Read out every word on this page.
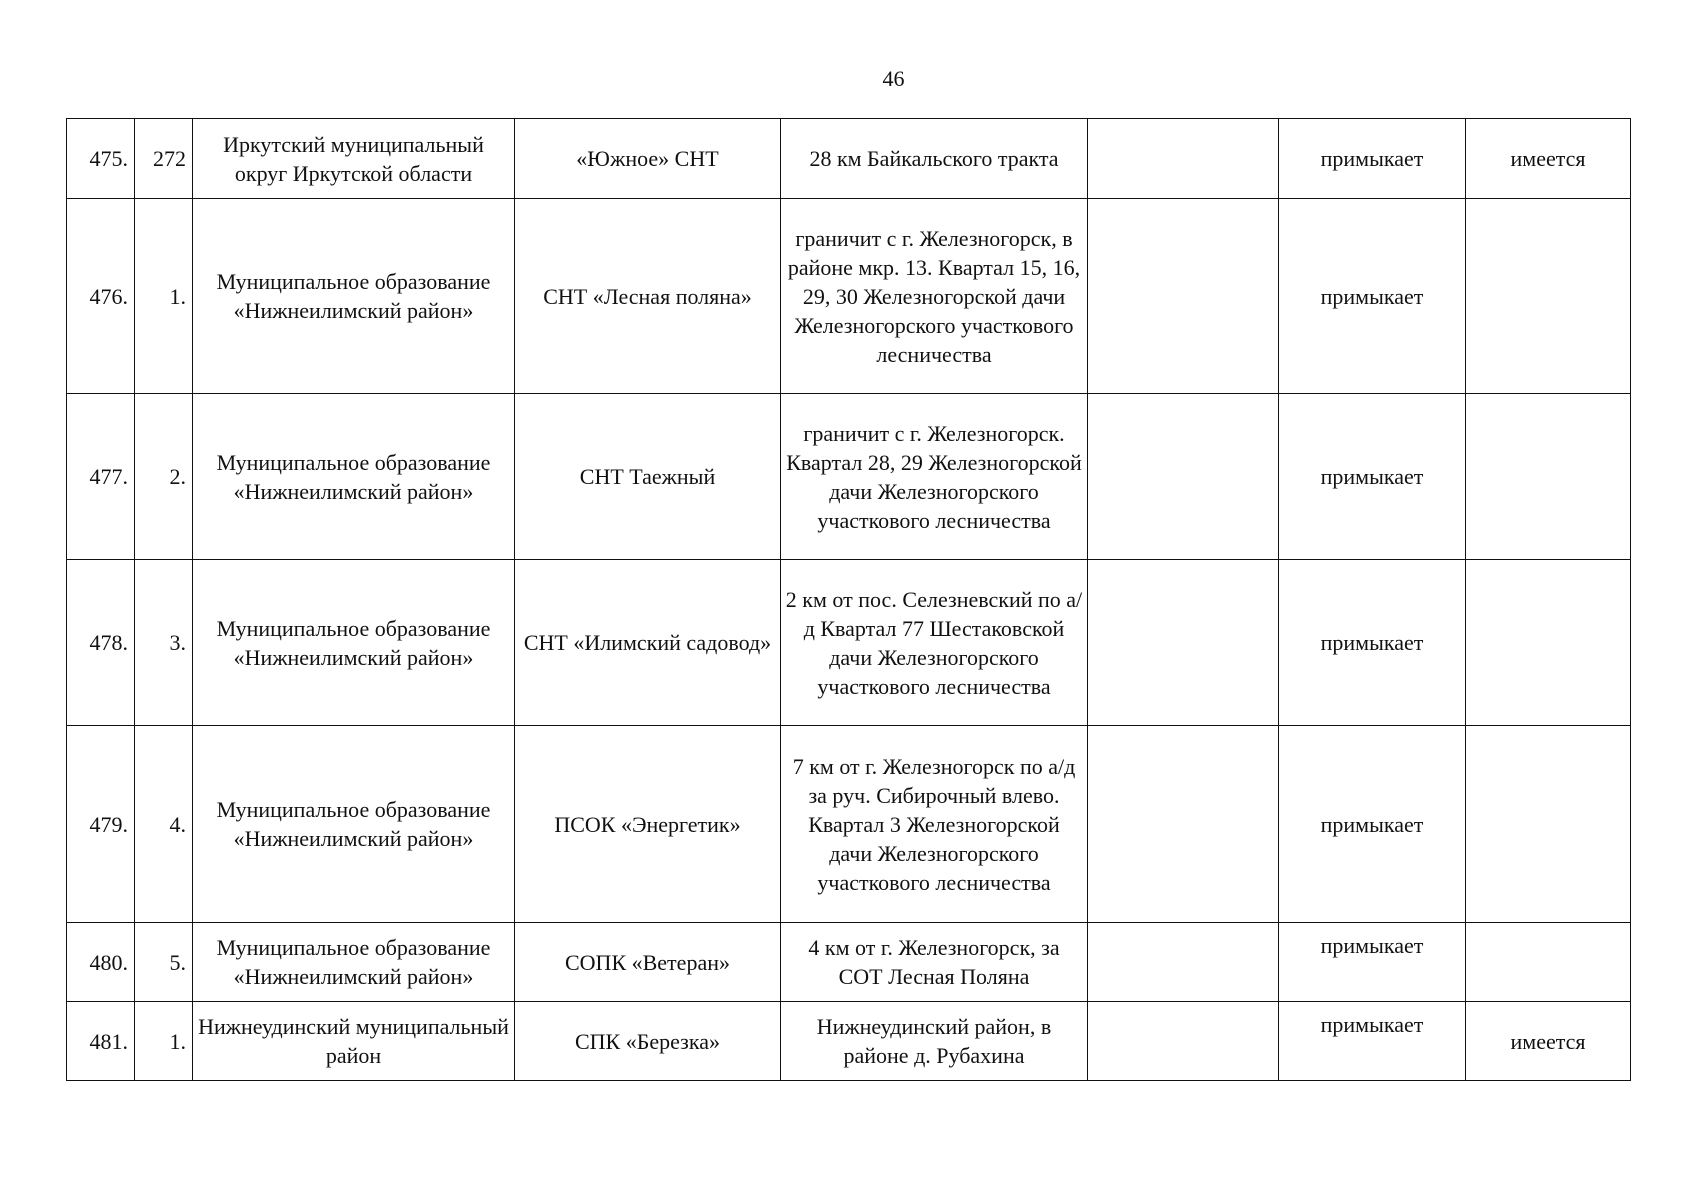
46
475.	272	Иркутский муниципальный округ Иркутской области	«Южное» СНТ	28 км Байкальского тракта		примыкает	имеется
476.	1.	Муниципальное образование «Нижнеилимский район»	СНТ «Лесная поляна»	граничит с г. Железногорск, в районе мкр. 13. Квартал 15, 16, 29, 30 Железногорской дачи Железногорского участкового лесничества		примыкает	
477.	2.	Муниципальное образование «Нижнеилимский район»	СНТ Таежный	граничит с г. Железногорск. Квартал 28, 29 Железногорской дачи Железногорского участкового лесничества		примыкает	
478.	3.	Муниципальное образование «Нижнеилимский район»	СНТ «Илимский садовод»	2 км от пос. Селезневский по а/д Квартал 77 Шестаковской дачи Железногорского участкового лесничества		примыкает	
479.	4.	Муниципальное образование «Нижнеилимский район»	ПСОК «Энергетик»	7 км от г. Железногорск по а/д за руч. Сибирочный влево. Квартал 3 Железногорской дачи Железногорского участкового лесничества		примыкает	
480.	5.	Муниципальное образование «Нижнеилимский район»	СОПК «Ветеран»	4 км от г. Железногорск, за СОТ Лесная Поляна		примыкает	
481.	1.	Нижнеудинский муниципальный район	СПК «Березка»	Нижнеудинский район, в районе д. Рубахина		примыкает	имеется
